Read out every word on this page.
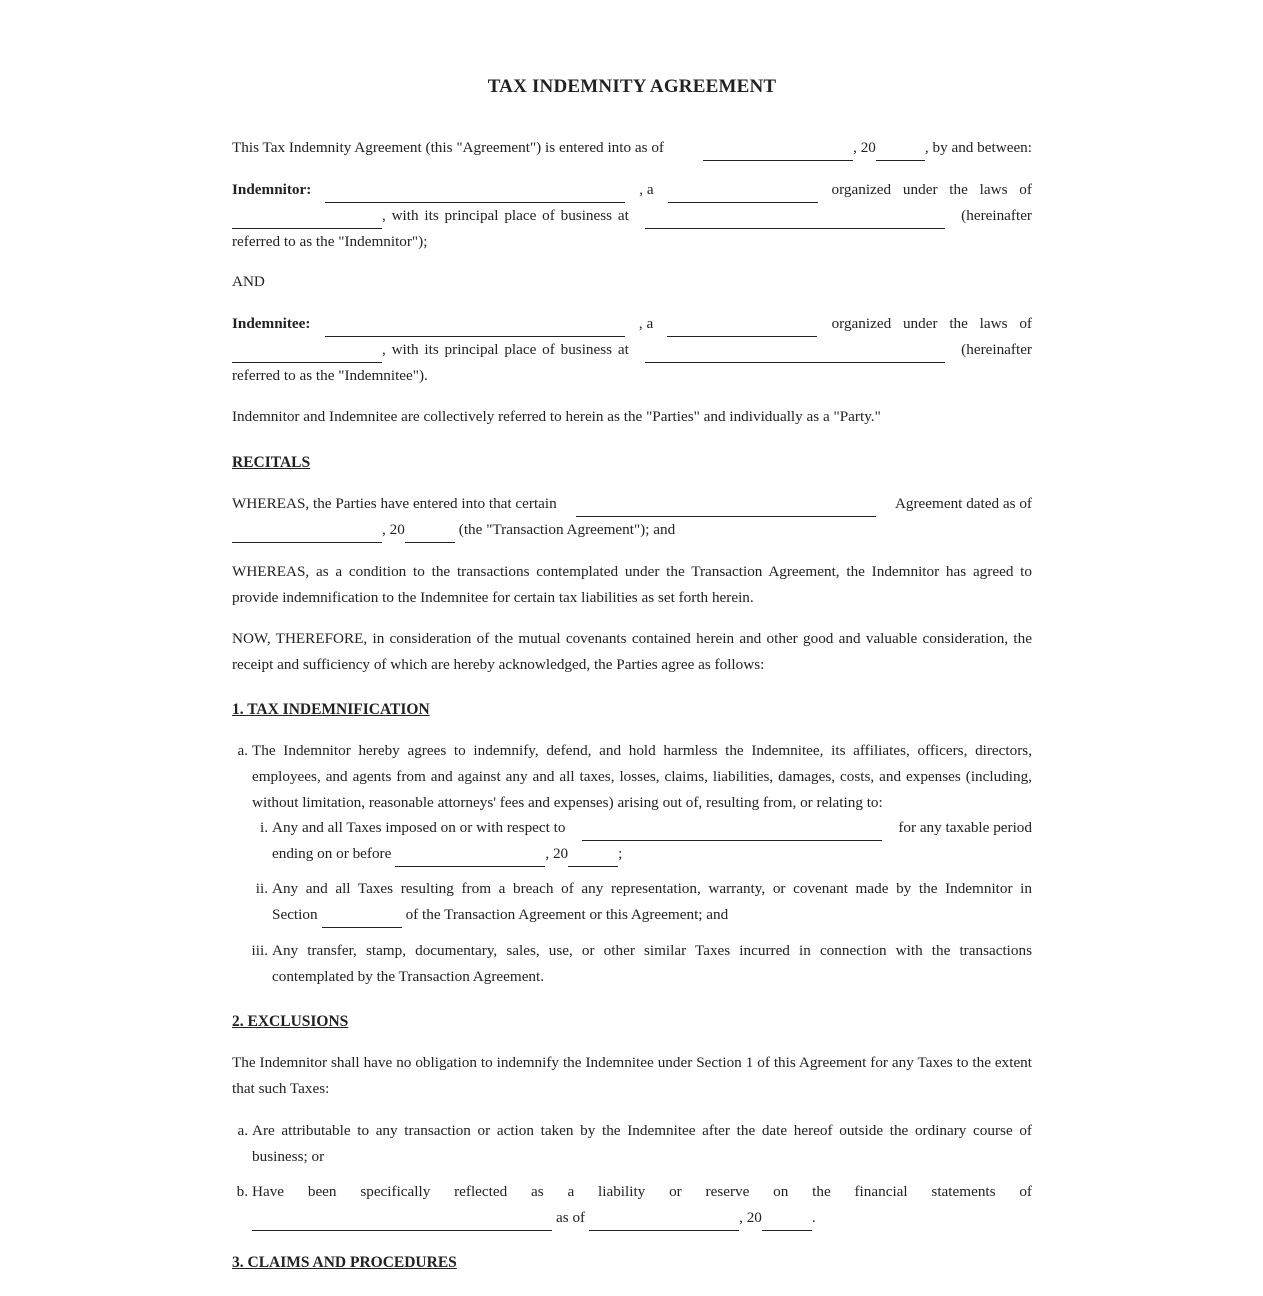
TAX INDEMNITY AGREEMENT
This Tax Indemnity Agreement (this "Agreement") is entered into as of	, 20	, by and between:
Indemnitor:	, a	organized under the laws of
, with its principal place of business at	(hereinafter
referred to as the "Indemnitor");
AND
Indemnitee:	, a	organized under the laws of
, with its principal place of business at	(hereinafter
referred to as the "Indemnitee").
Indemnitor and Indemnitee are collectively referred to herein as the "Parties" and individually as a "Party."
RECITALS
WHEREAS, the Parties have entered into that certain	Agreement dated as of
, 20	(the "Transaction Agreement"); and
WHEREAS, as a condition to the transactions contemplated under the Transaction Agreement, the Indemnitor has agreed to provide indemnification to the Indemnitee for certain tax liabilities as set forth herein.
NOW, THEREFORE, in consideration of the mutual covenants contained herein and other good and valuable consideration, the receipt and sufficiency of which are hereby acknowledged, the Parties agree as follows:
1. TAX INDEMNIFICATION
a. The Indemnitor hereby agrees to indemnify, defend, and hold harmless the Indemnitee, its affiliates, officers, directors, employees, and agents from and against any and all taxes, losses, claims, liabilities, damages, costs, and expenses (including, without limitation, reasonable attorneys' fees and expenses) arising out of, resulting from, or relating to:
i. Any and all Taxes imposed on or with respect to	for any taxable period
ending on or before	, 20	;
ii. Any and all Taxes resulting from a breach of any representation, warranty, or covenant made by the Indemnitor in
Section	of the Transaction Agreement or this Agreement; and
iii. Any transfer, stamp, documentary, sales, use, or other similar Taxes incurred in connection with the transactions contemplated by the Transaction Agreement.
2. EXCLUSIONS
The Indemnitor shall have no obligation to indemnify the Indemnitee under Section 1 of this Agreement for any Taxes to the extent that such Taxes:
a. Are attributable to any transaction or action taken by the Indemnitee after the date hereof outside the ordinary course of business; or
b. Have been specifically reflected as a liability or reserve on the financial statements of
as of	, 20	.
3. CLAIMS AND PROCEDURES
